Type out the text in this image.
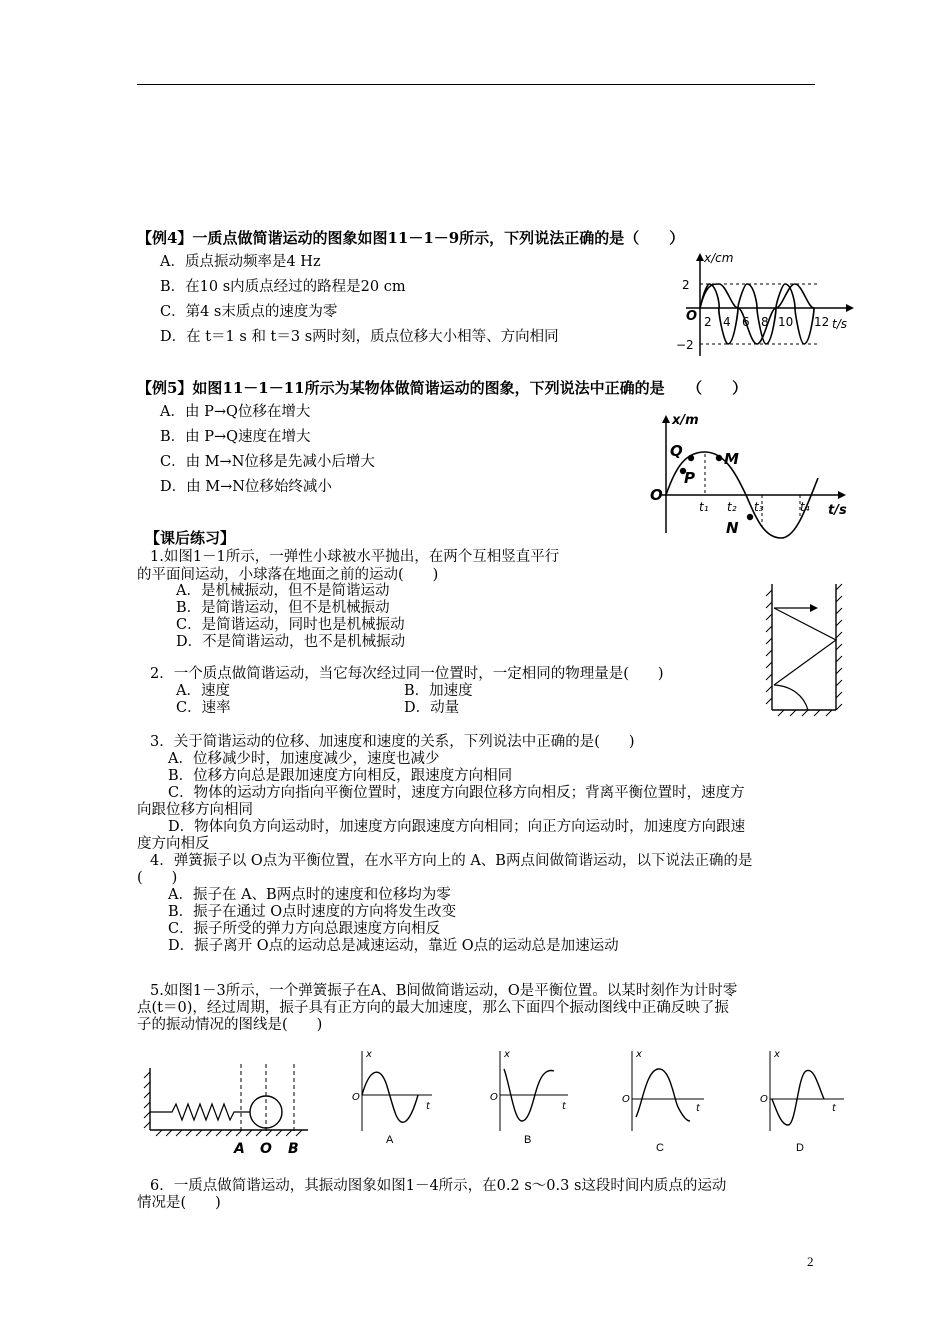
【例4】一质点做简谐运动的图象如图11－1－9所示，下列说法正确的是（　　）
A．质点振动频率是4 Hz
B．在10 s内质点经过的路程是20 cm
C．第4 s末质点的速度为零
D．在 t＝1 s 和 t＝3 s两时刻，质点位移大小相等、方向相同
x/cm
2
−2
O 2 4 6 8 10 12 t/s
【例5】如图11－1－11所示为某物体做简谐运动的图象，下列说法中正确的是　　（　　）
A．由 P→Q位移在增大
B．由 P→Q速度在增大
C．由 M→N位移是先减小后增大
D．由 M→N位移始终减小
x/m
O
Q
P
M
N
t₁ t₂ t₃	t₄ t/s
【课后练习】
1.如图1－1所示，一弹性小球被水平抛出，在两个互相竖直平行
的平面间运动，小球落在地面之前的运动(　　)
A．是机械振动，但不是简谐运动
B．是简谐运动，但不是机械振动
C．是简谐运动，同时也是机械振动
D．不是简谐运动，也不是机械振动
2．一个质点做简谐运动，当它每次经过同一位置时，一定相同的物理量是(　　)
A．速度	B．加速度
C．速率	D．动量
3．关于简谐运动的位移、加速度和速度的关系，下列说法中正确的是(　　)
A．位移减少时，加速度减少，速度也减少
B．位移方向总是跟加速度方向相反，跟速度方向相同
C．物体的运动方向指向平衡位置时，速度方向跟位移方向相反；背离平衡位置时，速度方
向跟位移方向相同
D．物体向负方向运动时，加速度方向跟速度方向相同；向正方向运动时，加速度方向跟速
度方向相反
4．弹簧振子以 O点为平衡位置，在水平方向上的 A、B两点间做简谐运动，以下说法正确的是
(　　)
A．振子在 A、B两点时的速度和位移均为零
B．振子在通过 O点时速度的方向将发生改变
C．振子所受的弹力方向总跟速度方向相反
D．振子离开 O点的运动总是减速运动，靠近 O点的运动总是加速运动
5.如图1－3所示，一个弹簧振子在A、B间做简谐运动，O是平衡位置。以某时刻作为计时零
点(t＝0)，经过周期，振子具有正方向的最大加速度，那么下面四个振动图线中正确反映了振
子的振动情况的图线是(　　)
A O B
x
O
t
A
x
O
t
B
x
O
t
C
x
O
t
D
6．一质点做简谐运动，其振动图象如图1－4所示，在0.2 s～0.3 s这段时间内质点的运动
情况是(　　)
2
